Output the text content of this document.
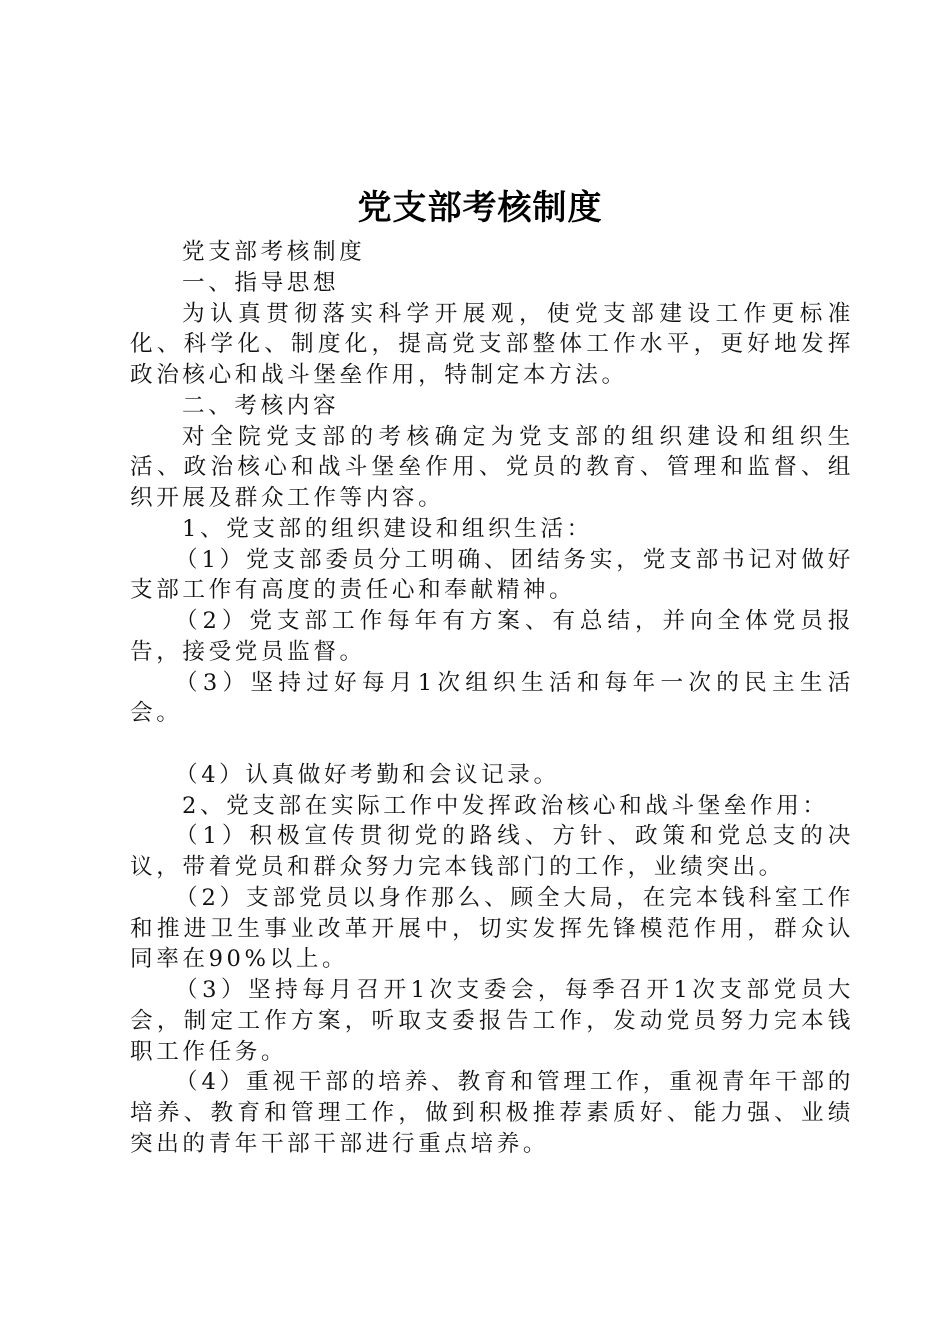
党支部考核制度

党支部考核制度

一、指导思想

为认真贯彻落实科学开展观，使党支部建设工作更标准化、科学化、制度化，提高党支部整体工作水平，更好地发挥政治核心和战斗堡垒作用，特制定本方法。

二、考核内容

对全院党支部的考核确定为党支部的组织建设和组织生活、政治核心和战斗堡垒作用、党员的教育、管理和监督、组织开展及群众工作等内容。

1、党支部的组织建设和组织生活：

（1）党支部委员分工明确、团结务实，党支部书记对做好支部工作有高度的责任心和奉献精神。

（2）党支部工作每年有方案、有总结，并向全体党员报告，接受党员监督。

（3）坚持过好每月1次组织生活和每年一次的民主生活会。

（4）认真做好考勤和会议记录。

2、党支部在实际工作中发挥政治核心和战斗堡垒作用：

（1）积极宣传贯彻党的路线、方针、政策和党总支的决议，带着党员和群众努力完本钱部门的工作，业绩突出。

（2）支部党员以身作那么、顾全大局，在完本钱科室工作和推进卫生事业改革开展中，切实发挥先锋模范作用，群众认同率在90%以上。

（3）坚持每月召开1次支委会，每季召开1次支部党员大会，制定工作方案，听取支委报告工作，发动党员努力完本钱职工作任务。

（4）重视干部的培养、教育和管理工作，重视青年干部的培养、教育和管理工作，做到积极推荐素质好、能力强、业绩突出的青年干部干部进行重点培养。
